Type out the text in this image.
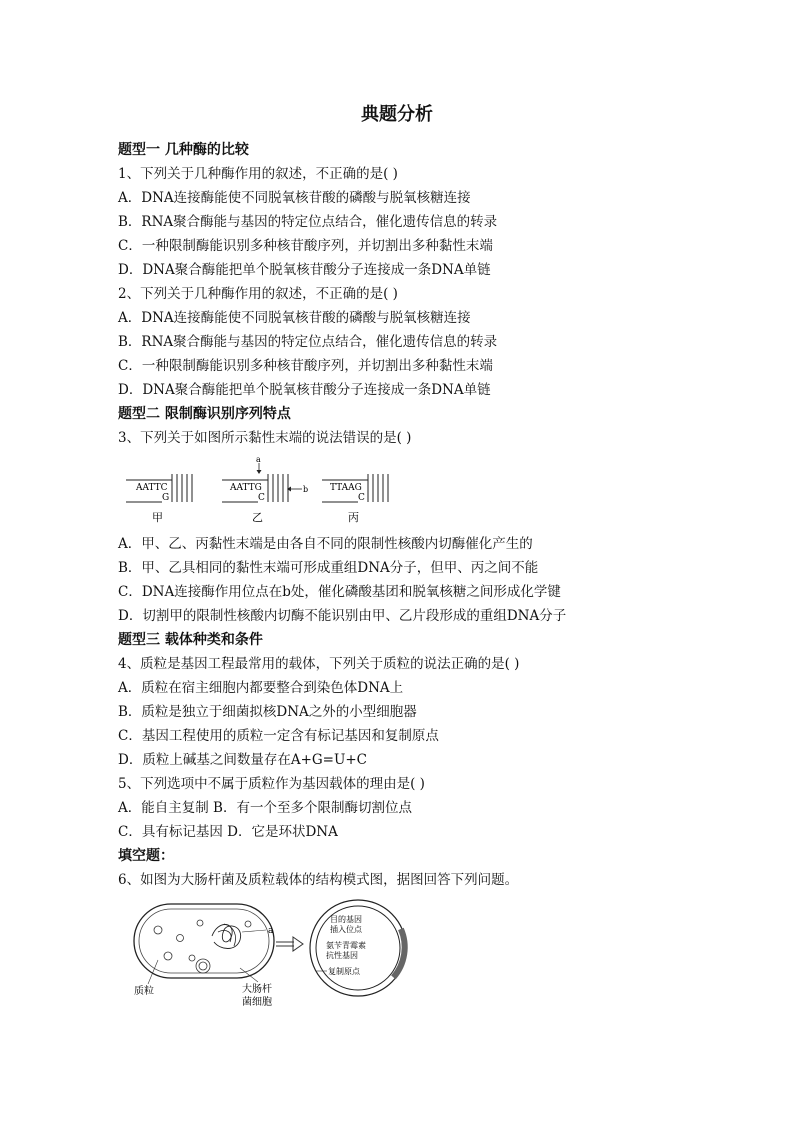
典题分析
题型一 几种酶的比较
1、下列关于几种酶作用的叙述，不正确的是( )
A．DNA连接酶能使不同脱氧核苷酸的磷酸与脱氧核糖连接
B．RNA聚合酶能与基因的特定位点结合，催化遗传信息的转录
C．一种限制酶能识别多种核苷酸序列，并切割出多种黏性末端
D．DNA聚合酶能把单个脱氧核苷酸分子连接成一条DNA单链
2、下列关于几种酶作用的叙述，不正确的是( )
A．DNA连接酶能使不同脱氧核苷酸的磷酸与脱氧核糖连接
B．RNA聚合酶能与基因的特定位点结合，催化遗传信息的转录
C．一种限制酶能识别多种核苷酸序列，并切割出多种黏性末端
D．DNA聚合酶能把单个脱氧核苷酸分子连接成一条DNA单链
题型二 限制酶识别序列特点
3、下列关于如图所示黏性末端的说法错误的是( )
AATTC
G
甲
a
AATTG
C
b
乙
TTAAG
C
丙
A．甲、乙、丙黏性末端是由各自不同的限制性核酸内切酶催化产生的
B．甲、乙具相同的黏性末端可形成重组DNA分子，但甲、丙之间不能
C．DNA连接酶作用位点在b处，催化磷酸基团和脱氧核糖之间形成化学键
D．切割甲的限制性核酸内切酶不能识别由甲、乙片段形成的重组DNA分子
题型三 载体种类和条件
4、质粒是基因工程最常用的载体，下列关于质粒的说法正确的是( )
A．质粒在宿主细胞内都要整合到染色体DNA上
B．质粒是独立于细菌拟核DNA之外的小型细胞器
C．基因工程使用的质粒一定含有标记基因和复制原点
D．质粒上碱基之间数量存在A+G=U+C
5、下列选项中不属于质粒作为基因载体的理由是( )
A．能自主复制 B．有一个至多个限制酶切割位点
C．具有标记基因 D．它是环状DNA
填空题：
6、如图为大肠杆菌及质粒载体的结构模式图，据图回答下列问题。
a
目的基因
插入位点
氨苄青霉素
抗性基因
复制原点
质粒	大肠杆
菌细胞
